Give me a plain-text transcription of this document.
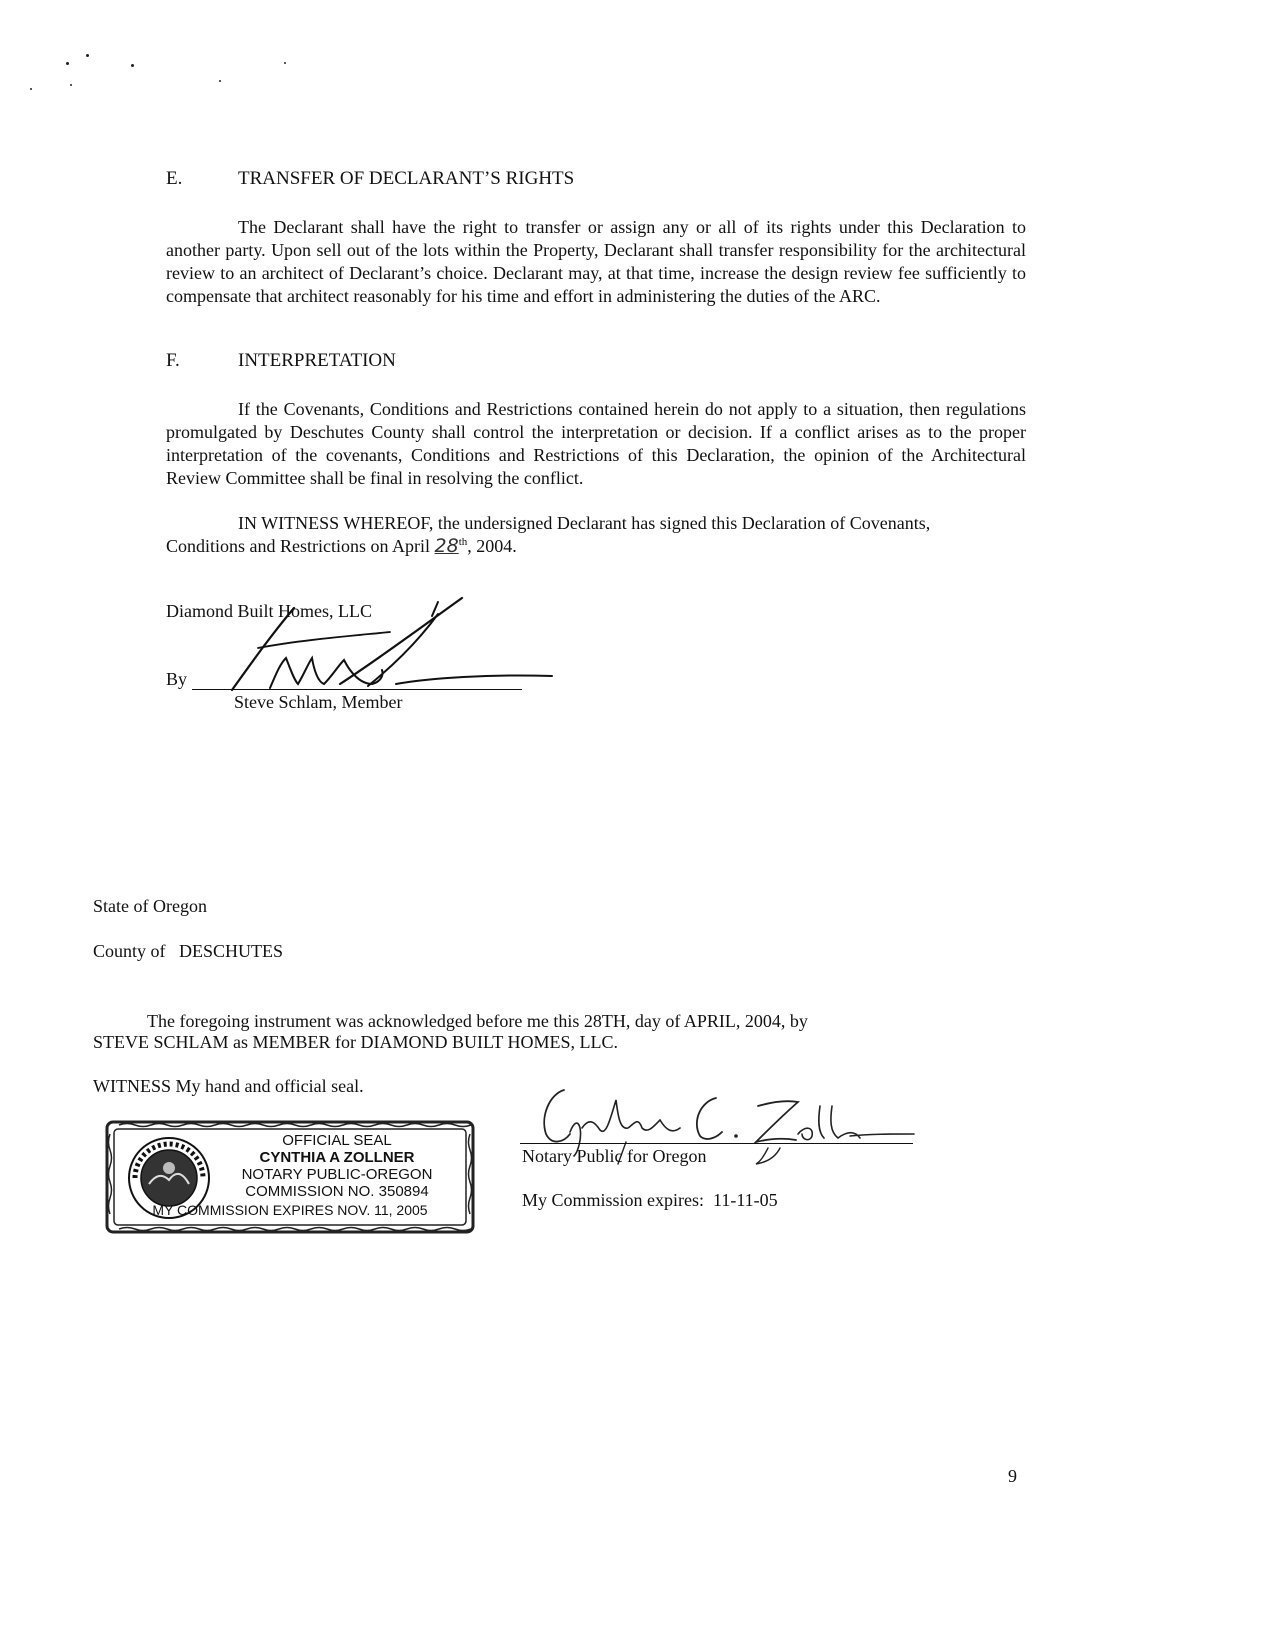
E.	TRANSFER OF DECLARANT’S RIGHTS
The Declarant shall have the right to transfer or assign any or all of its rights under this Declaration to another party. Upon sell out of the lots within the Property, Declarant shall transfer responsibility for the architectural review to an architect of Declarant’s choice. Declarant may, at that time, increase the design review fee sufficiently to compensate that architect reasonably for his time and effort in administering the duties of the ARC.
F.	INTERPRETATION
If the Covenants, Conditions and Restrictions contained herein do not apply to a situation, then regulations promulgated by Deschutes County shall control the interpretation or decision. If a conflict arises as to the proper interpretation of the covenants, Conditions and Restrictions of this Declaration, the opinion of the Architectural Review Committee shall be final in resolving the conflict.
IN WITNESS WHEREOF, the undersigned Declarant has signed this Declaration of Covenants,
Conditions and Restrictions on April 28th, 2004.
Diamond Built Homes, LLC
By
Steve Schlam, Member
State of Oregon
County of DESCHUTES
The foregoing instrument was acknowledged before me this 28TH, day of APRIL, 2004, by
STEVE SCHLAM as MEMBER for DIAMOND BUILT HOMES, LLC.
WITNESS My hand and official seal.
Notary Public for Oregon
My Commission expires: 11-11-05
OFFICIAL SEAL
CYNTHIA A ZOLLNER
NOTARY PUBLIC-OREGON
COMMISSION NO. 350894
MY COMMISSION EXPIRES NOV. 11, 2005
9
